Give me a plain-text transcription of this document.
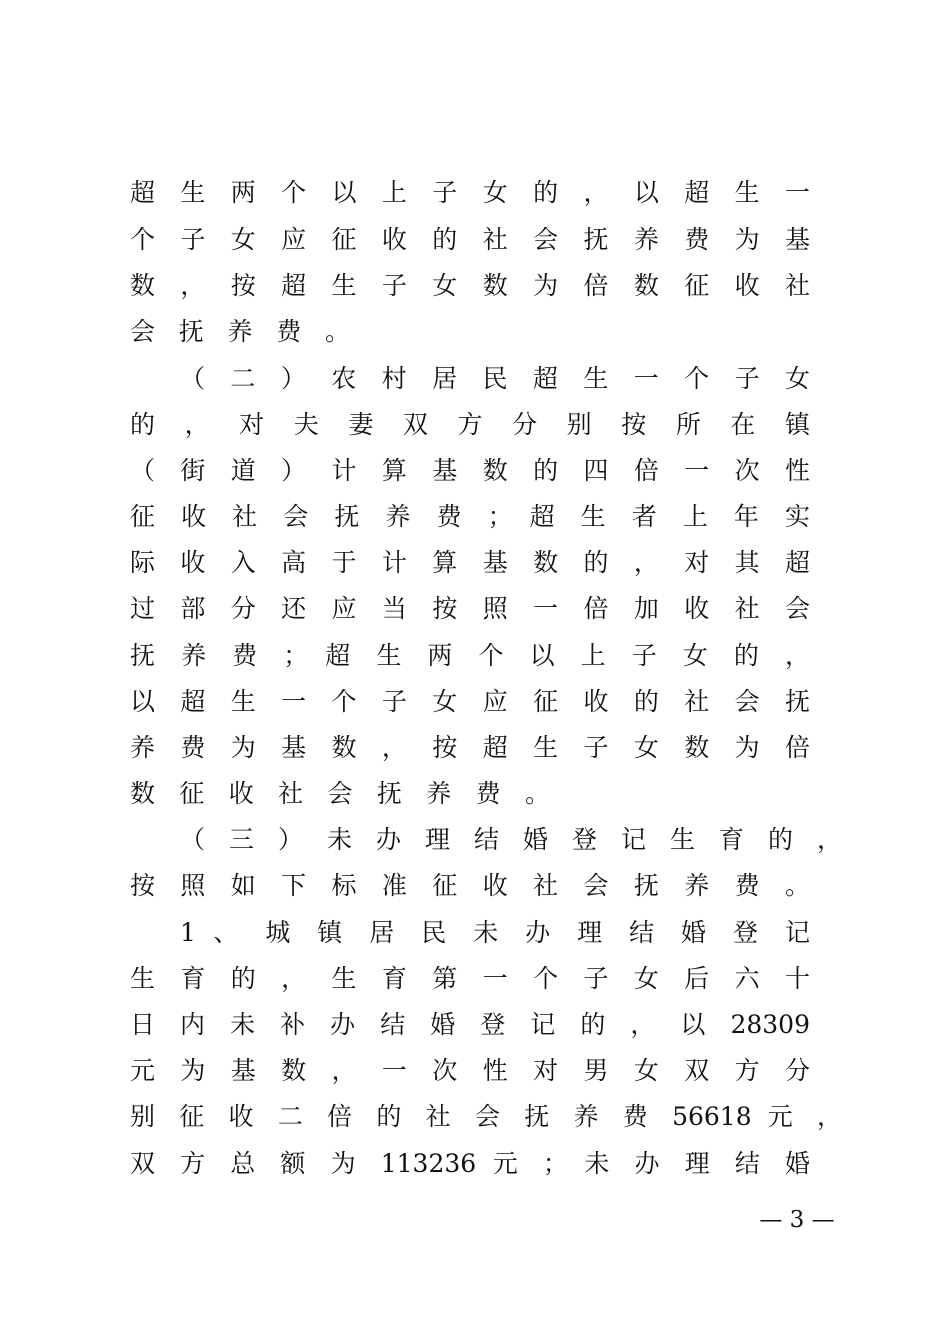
超 生 两 个 以 上 子 女 的 ， 以 超 生 一
个 子 女 应 征 收 的 社 会 抚 养 费 为 基
数 ， 按 超 生 子 女 数 为 倍 数 征 收 社
会 抚 养 费 。
（ 二 ） 农 村 居 民 超 生 一 个 子 女
的 ， 对 夫 妻 双 方 分 别 按 所 在 镇
（ 街 道 ） 计 算 基 数 的 四 倍 一 次 性
征 收 社 会 抚 养 费 ； 超 生 者 上 年 实
际 收 入 高 于 计 算 基 数 的 ， 对 其 超
过 部 分 还 应 当 按 照 一 倍 加 收 社 会
抚 养 费 ； 超 生 两 个 以 上 子 女 的 ，
以 超 生 一 个 子 女 应 征 收 的 社 会 抚
养 费 为 基 数 ， 按 超 生 子 女 数 为 倍
数 征 收 社 会 抚 养 费 。
（ 三 ） 未 办 理 结 婚 登 记 生 育 的 ，
按 照 如 下 标 准 征 收 社 会 抚 养 费 。
1 、 城 镇 居 民 未 办 理 结 婚 登 记
生 育 的 ， 生 育 第 一 个 子 女 后 六 十
日 内 未 补 办 结 婚 登 记 的 ， 以 28309
元 为 基 数 ， 一 次 性 对 男 女 双 方 分
别 征 收 二 倍 的 社 会 抚 养 费 56618 元 ，
双 方 总 额 为 113236 元 ； 未 办 理 结 婚
— 3 —
